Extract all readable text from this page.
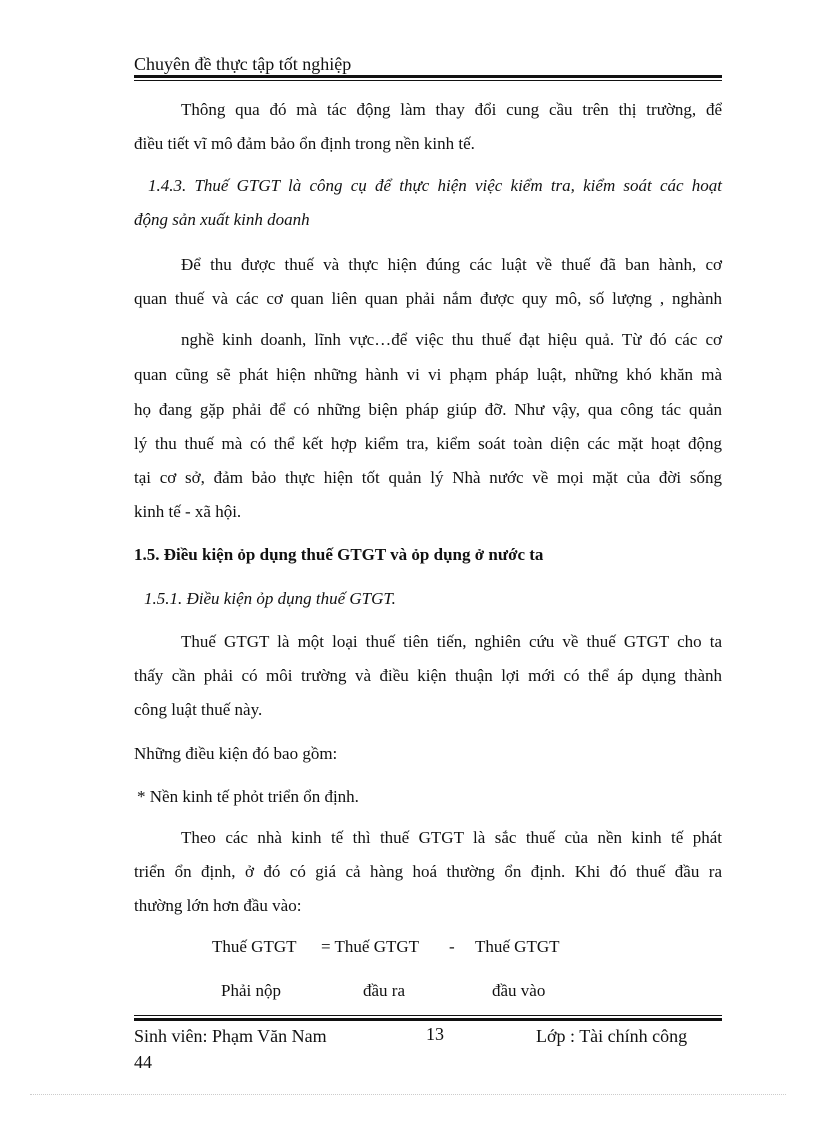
Chuyên đề thực tập tốt nghiệp
Thông qua đó mà tác động làm thay đổi cung cầu trên thị trường, để
điều tiết vĩ mô đảm bảo ổn định trong nền kinh tế.
1.4.3. Thuế GTGT là công cụ để thực hiện việc kiểm tra, kiểm soát các hoạt
động sản xuất kinh doanh
Để thu được thuế và thực hiện đúng các luật về thuế đã ban hành, cơ
quan thuế và các cơ quan liên quan phải nắm được quy mô, số lượng , nghành
nghề kinh doanh, lĩnh vực…để việc thu thuế đạt hiệu quả. Từ đó các cơ
quan cũng sẽ phát hiện những hành vi vi phạm pháp luật, những khó khăn mà
họ đang gặp phải để có những biện pháp giúp đỡ. Như vậy, qua công tác quản
lý thu thuế mà có thể kết hợp kiểm tra, kiểm soát toàn diện các mặt hoạt động
tại cơ sở, đảm bảo thực hiện tốt quản lý Nhà nước về mọi mặt của đời sống
kinh tế - xã hội.
1.5. Điều kiện ỏp dụng thuế GTGT và ỏp dụng ở nước ta
1.5.1. Điều kiện ỏp dụng thuế GTGT.
Thuế GTGT là một loại thuế tiên tiến, nghiên cứu về thuế GTGT cho ta
thấy cần phải có môi trường và điều kiện thuận lợi mới có thể áp dụng thành
công luật thuế này.
Những điều kiện đó bao gồm:
* Nền kinh tế phỏt triển ổn định.
Theo các nhà kinh tế thì thuế GTGT là sắc thuế của nền kinh tế phát
triển ổn định, ở đó có giá cả hàng hoá thường ổn định. Khi đó thuế đầu ra
thường lớn hơn đầu vào:
Thuế GTGT = Thuế GTGT - Thuế GTGT
Phải nộp	đầu ra	đầu vào
Sinh viên: Phạm Văn Nam
44
13	Lớp : Tài chính công
